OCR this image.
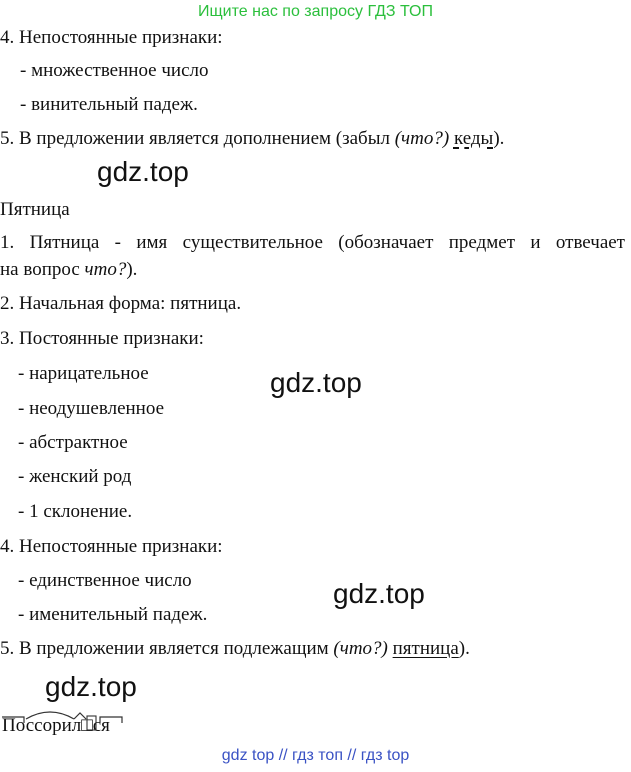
Ищите нас по запросу ГДЗ ТОП
4. Непостоянные признаки:
- множественное число
- винительный падеж.
5. В предложении является дополнением (забыл (что?) кеды).
gdz.top
Пятница
1. Пятница - имя существительное (обозначает предмет и отвечает
на вопрос что?).
2. Начальная форма: пятница.
3. Постоянные признаки:
- нарицательное
- неодушевленное
- абстрактное
- женский род
- 1 склонение.
gdz.top
4. Непостоянные признаки:
- единственное число
- именительный падеж.
gdz.top
5. В предложении является подлежащим (что?) пятница).
gdz.top
Поссорил□ся
gdz top // гдз топ // гдз top
